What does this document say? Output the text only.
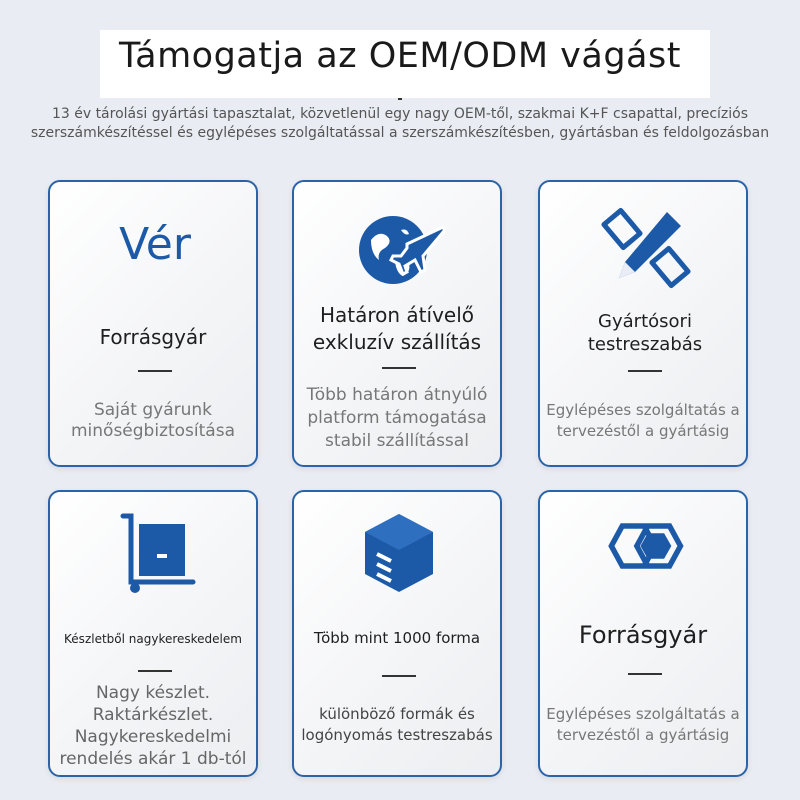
Támogatja az OEM/ODM vágást
13 év tárolási gyártási tapasztalat, közvetlenül egy nagy OEM-től, szakmai K+F csapattal, precíziós szerszámkészítéssel és egylépéses szolgáltatással a szerszámkészítésben, gyártásban és feldolgozásban
Vér
Forrásgyár
Saját gyárunk minőségbiztosítása
Határon átívelő exkluzív szállítás
Több határon átnyúló platform támogatása stabil szállítással
Gyártósori testreszabás
Egylépéses szolgáltatás a tervezéstől a gyártásig
Készletből nagykereskedelem
Nagy készlet. Raktárkészlet. Nagykereskedelmi rendelés akár 1 db-tól
Több mint 1000 forma
különböző formák és logónyomás testreszabás
Forrásgyár
Egylépéses szolgáltatás a tervezéstől a gyártásig
